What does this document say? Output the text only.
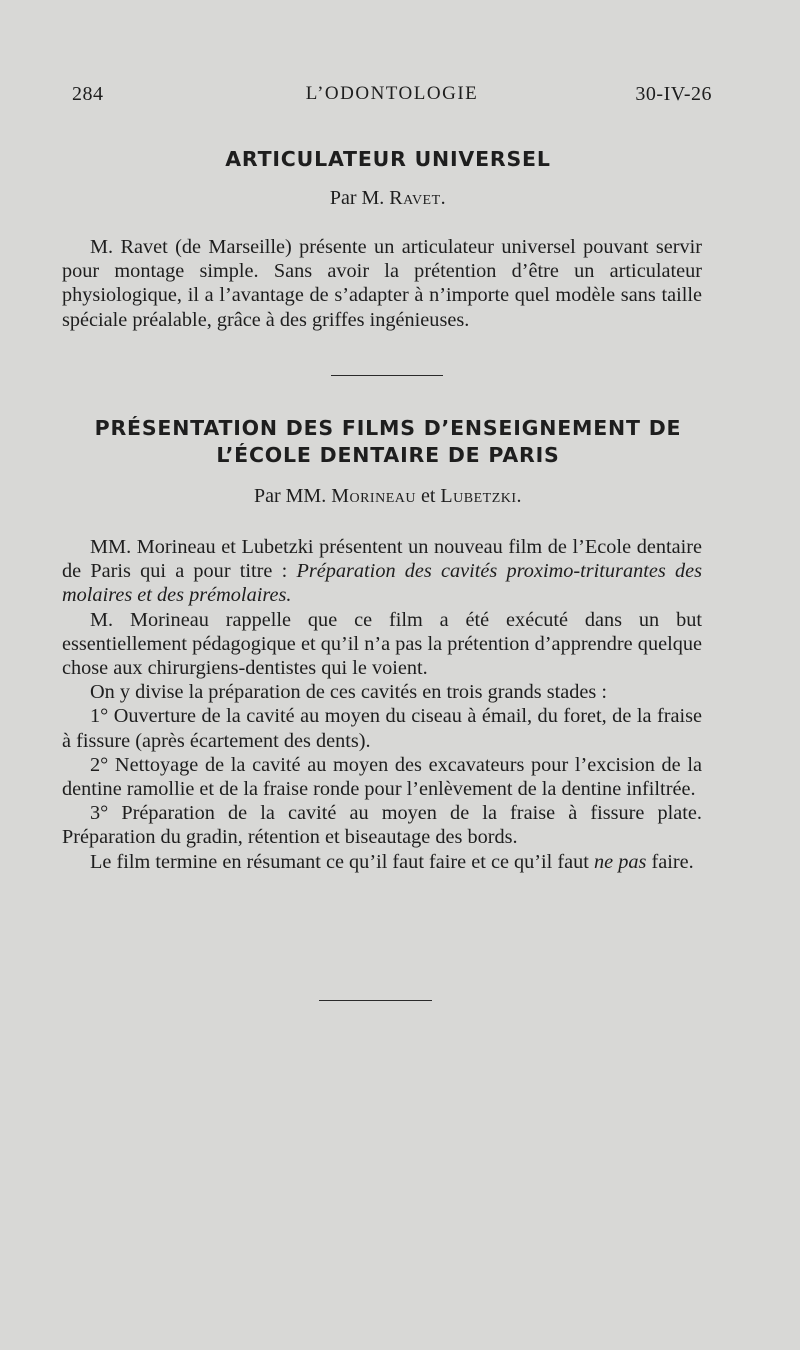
284	L’ODONTOLOGIE	30-IV-26
ARTICULATEUR UNIVERSEL

Par M. Ravet.

M. Ravet (de Marseille) présente un articulateur universel pouvant servir pour montage simple. Sans avoir la prétention d’être un articulateur physiologique, il a l’avantage de s’adapter à n’importe quel modèle sans taille spéciale préalable, grâce à des griffes ingénieuses.

PRÉSENTATION DES FILMS D’ENSEIGNEMENT DE
L’ÉCOLE DENTAIRE DE PARIS

Par MM. Morineau et Lubetzki.

MM. Morineau et Lubetzki présentent un nouveau film de l’Ecole dentaire de Paris qui a pour titre : Préparation des cavités proximo-triturantes des molaires et des prémolaires.

M. Morineau rappelle que ce film a été exécuté dans un but essentiellement pédagogique et qu’il n’a pas la prétention d’apprendre quelque chose aux chirurgiens-dentistes qui le voient.

On y divise la préparation de ces cavités en trois grands stades :

1° Ouverture de la cavité au moyen du ciseau à émail, du foret, de la fraise à fissure (après écartement des dents).

2° Nettoyage de la cavité au moyen des excavateurs pour l’excision de la dentine ramollie et de la fraise ronde pour l’enlèvement de la dentine infiltrée.

3° Préparation de la cavité au moyen de la fraise à fissure plate. Préparation du gradin, rétention et biseautage des bords.

Le film termine en résumant ce qu’il faut faire et ce qu’il faut ne pas faire.
